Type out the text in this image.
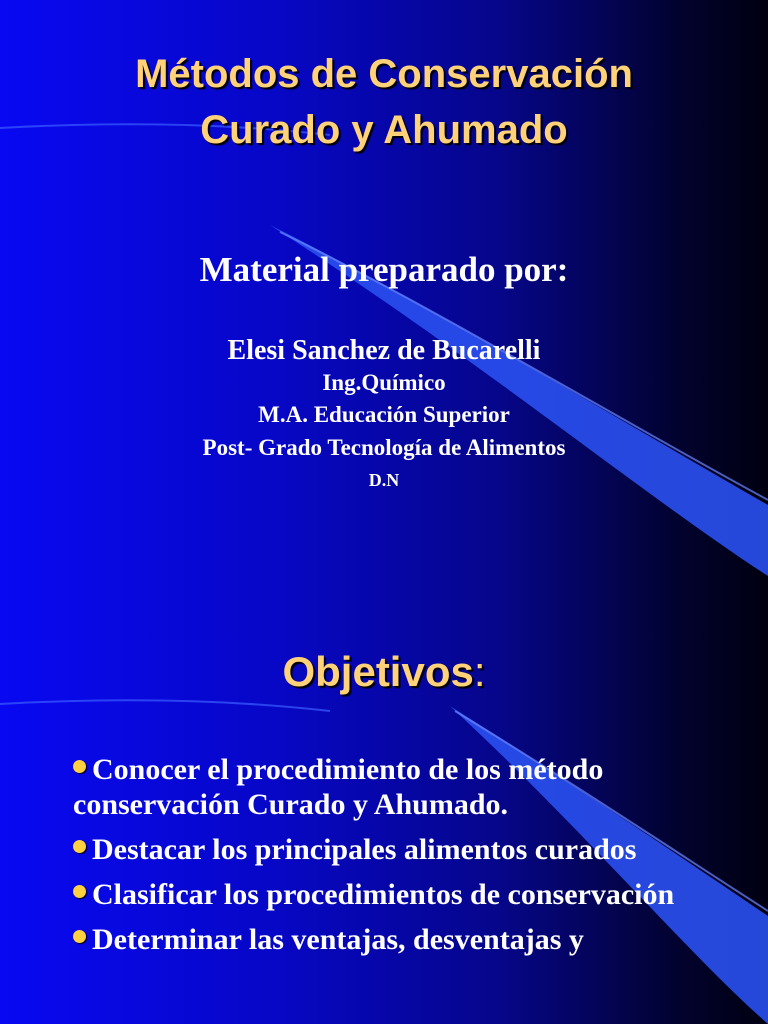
Métodos de Conservación
Curado y Ahumado
Material preparado por:
Elesi Sanchez de Bucarelli
Ing.Químico
M.A. Educación Superior
Post- Grado Tecnología de Alimentos
D.N
Objetivos:
Conocer el procedimiento de los método conservación Curado y Ahumado.
Destacar los principales alimentos curados
Clasificar los procedimientos de conservación
Determinar las ventajas, desventajas y
